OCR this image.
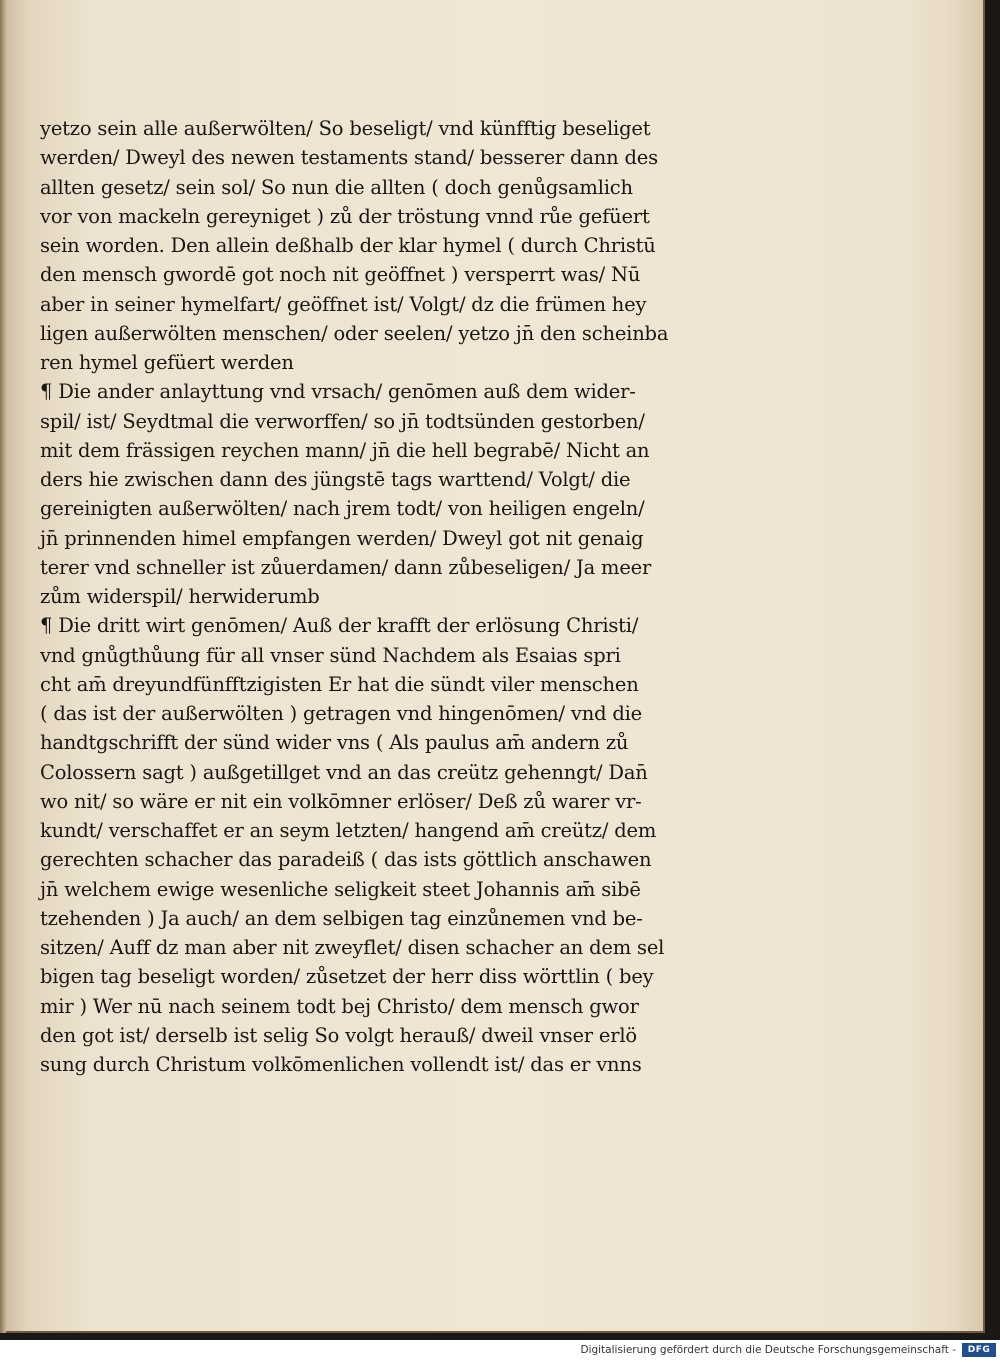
yetzo sein alle außerwölten/ So beseligt/ vnd künfftig beseliget
werden/ Dweyl des newen testaments stand/ besserer dann des
allten gesetz/ sein sol/ So nun die allten ( doch genůgsamlich
vor von mackeln gereyniget ) zů der tröstung vnnd růe gefüert
sein worden. Den allein deßhalb der klar hymel ( durch Christū
den mensch gwordē got noch nit geöffnet ) versperrt was/ Nū
aber in seiner hymelfart/ geöffnet ist/ Volgt/ dz die frümen hey
ligen außerwölten menschen/ oder seelen/ yetzo jn̄ den scheinba
ren hymel gefüert werden
¶ Die ander anlayttung vnd vrsach/ genōmen auß dem wider-
spil/ ist/ Seydtmal die verworffen/ so jn̄ todtsünden gestorben/
mit dem frässigen reychen mann/ jn̄ die hell begrabē/ Nicht an
ders hie zwischen dann des jüngstē tags warttend/ Volgt/ die
gereinigten außerwölten/ nach jrem todt/ von heiligen engeln/
jn̄ prinnenden himel empfangen werden/ Dweyl got nit genaig
terer vnd schneller ist zůuerdamen/ dann zůbeseligen/ Ja meer
zům widerspil/ herwiderumb
¶ Die dritt wirt genōmen/ Auß der krafft der erlösung Christi/
vnd gnůgthůung für all vnser sünd Nachdem als Esaias spri
cht am̄ dreyundfünfftzigisten Er hat die sündt viler menschen
( das ist der außerwölten ) getragen vnd hingenōmen/ vnd die
handtgschrifft der sünd wider vns ( Als paulus am̄ andern zů
Colossern sagt ) außgetillget vnd an das creütz gehenngt/ Dan̄
wo nit/ so wäre er nit ein volkōmner erlöser/ Deß zů warer vr-
kundt/ verschaffet er an seym letzten/ hangend am̄ creütz/ dem
gerechten schacher das paradeiß ( das ists göttlich anschawen
jn̄ welchem ewige wesenliche seligkeit steet Johannis am̄ sibē
tzehenden ) Ja auch/ an dem selbigen tag einzůnemen vnd be-
sitzen/ Auff dz man aber nit zweyflet/ disen schacher an dem sel
bigen tag beseligt worden/ zůsetzet der herr diss wörttlin ( bey
mir ) Wer nū nach seinem todt bej Christo/ dem mensch gwor
den got ist/ derselb ist selig So volgt herauß/ dweil vnser erlö
sung durch Christum volkōmenlichen vollendt ist/ das er vnns
Digitalisierung gefördert durch die Deutsche Forschungsgemeinschaft -	DFG
